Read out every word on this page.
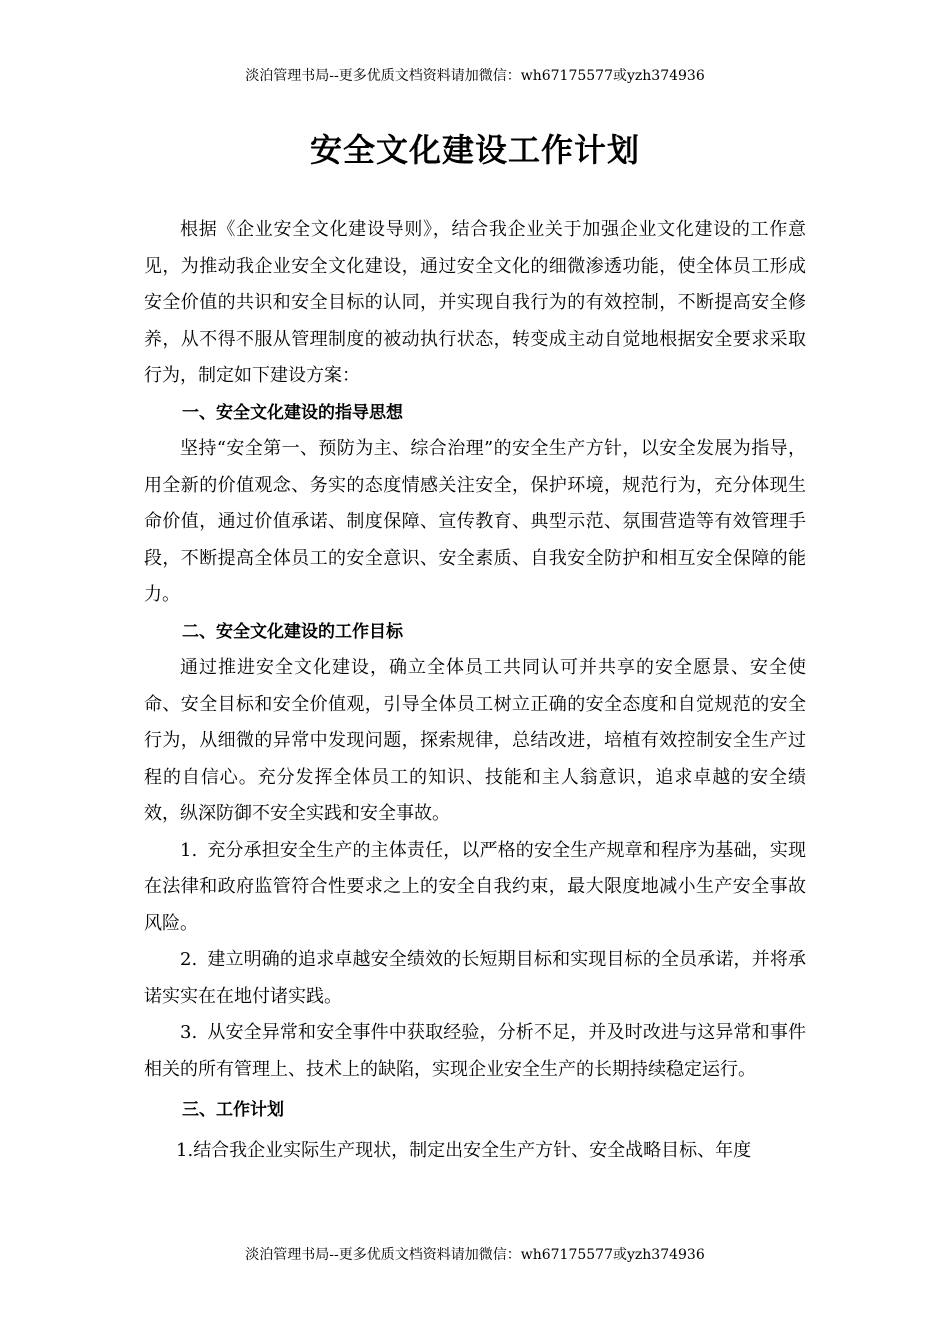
淡泊管理书局--更多优质文档资料请加微信：wh67175577或yzh374936
安全文化建设工作计划

根据《企业安全文化建设导则》，结合我企业关于加强企业文化建设的工作意见，为推动我企业安全文化建设，通过安全文化的细微渗透功能，使全体员工形成安全价值的共识和安全目标的认同，并实现自我行为的有效控制，不断提高安全修养，从不得不服从管理制度的被动执行状态，转变成主动自觉地根据安全要求采取行为，制定如下建设方案：

一、安全文化建设的指导思想

坚持“安全第一、预防为主、综合治理”的安全生产方针，以安全发展为指导，用全新的价值观念、务实的态度情感关注安全，保护环境，规范行为，充分体现生命价值，通过价值承诺、制度保障、宣传教育、典型示范、氛围营造等有效管理手段，不断提高全体员工的安全意识、安全素质、自我安全防护和相互安全保障的能力。

二、安全文化建设的工作目标

通过推进安全文化建设，确立全体员工共同认可并共享的安全愿景、安全使命、安全目标和安全价值观，引导全体员工树立正确的安全态度和自觉规范的安全行为，从细微的异常中发现问题，探索规律，总结改进，培植有效控制安全生产过程的自信心。充分发挥全体员工的知识、技能和主人翁意识，追求卓越的安全绩效，纵深防御不安全实践和安全事故。

1. 充分承担安全生产的主体责任，以严格的安全生产规章和程序为基础，实现在法律和政府监管符合性要求之上的安全自我约束，最大限度地减小生产安全事故风险。

2. 建立明确的追求卓越安全绩效的长短期目标和实现目标的全员承诺，并将承诺实实在在地付诸实践。

3. 从安全异常和安全事件中获取经验，分析不足，并及时改进与这异常和事件相关的所有管理上、技术上的缺陷，实现企业安全生产的长期持续稳定运行。

三、工作计划

1.结合我企业实际生产现状，制定出安全生产方针、安全战略目标、年度

淡泊管理书局--更多优质文档资料请加微信：wh67175577或yzh374936
